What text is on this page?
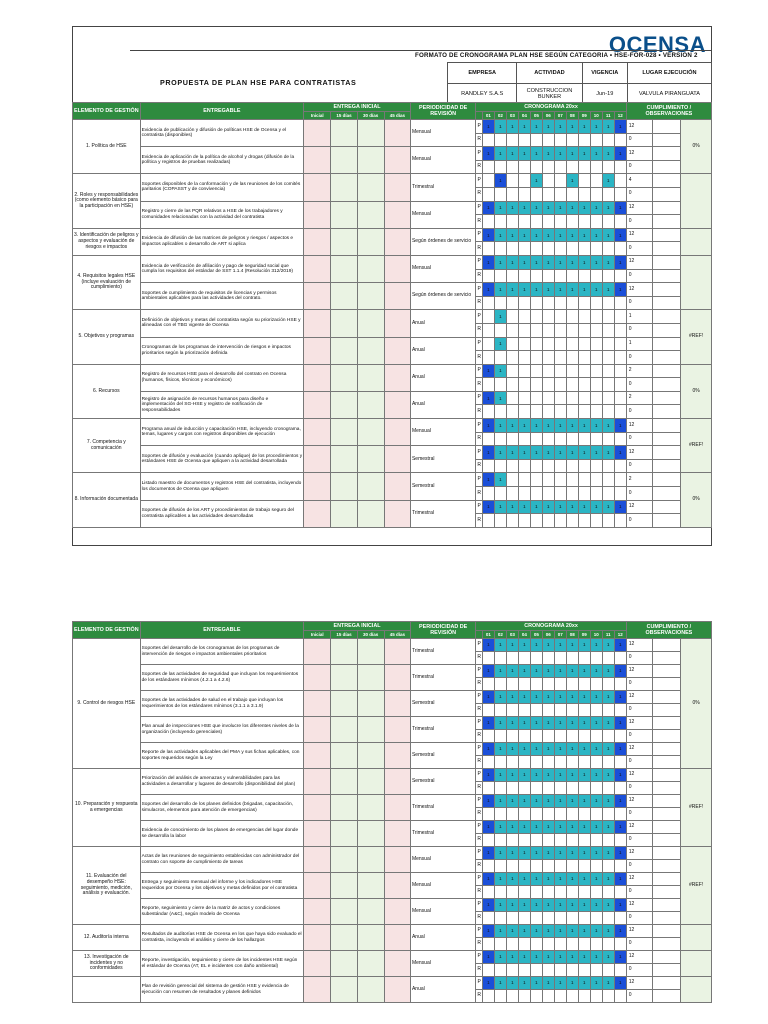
OCENSA
FORMATO DE CRONOGRAMA PLAN HSE SEGÚN CATEGORIA • HSE-FOR-028 • VERSION 2
PROPUESTA DE PLAN HSE PARA CONTRATISTAS
EMPRESA	ACTIVIDAD	VIGENCIA	LUGAR EJECUCIÓN
RANDLEY S.A.S	CONSTRUCCION BUNKER	Jun-19	VALVULA PIRANGUATA
ELEMENTO DE GESTIÓN	ENTREGABLE	ENTREGA INICIAL				PERIODICIDAD DE REVISIÓN	CRONOGRAMA 20xx													CUMPLIMIENTO / OBSERVACIONES		
		Inicial	15 días	30 días	45 días			01	02	03	04	05	06	07	08	09	10	11	12			
1. Política de HSE	Evidencia de publicación y difusión de políticas HSE de Ocensa y el contratista (disponibles)					Mensual	P	1	1	1	1	1	1	1	1	1	1	1	1	12		0%
							R													0		
	Evidencia de aplicación de la política de alcohol y drogas (difusión de la política y registros de pruebas realizadas)					Mensual	P	1	1	1	1	1	1	1	1	1	1	1	1	12		
							R													0		
2. Roles y responsabilidades (como elemento básico para la participación en HSE)	Soportes disponibles de la conformación y de las reuniones de los comités paritarios (COPASST y de convivencia)					Trimestral	P		1			1			1			1		4		
							R													0		
	Registro y cierre de las PQR relativos a HSE de los trabajadores y comunidades relacionadas con la actividad del contratista					Mensual	P	1	1	1	1	1	1	1	1	1	1	1	1	12		
							R													0		
3. Identificación de peligros y aspectos y evaluación de riesgos e impactos	Evidencia de difusión de las matrices de peligros y riesgos / aspectos e impactos aplicables o desarrollo de ART si aplica					Según órdenes de servicio	P	1	1	1	1	1	1	1	1	1	1	1	1	12		
							R													0		
4. Requisitos legales HSE (incluye evaluación de cumplimiento)	Evidencia de verificación de afiliación y pago de seguridad social que cumpla los requisitos del estándar de SST 1.1.4 (Resolución 312/2019)					Mensual	P	1	1	1	1	1	1	1	1	1	1	1	1	12		
							R													0		
	Soportes de cumplimiento de requisitos de licencias y permisos ambientales aplicables para las actividades del contrato.					Según órdenes de servicio	P	1	1	1	1	1	1	1	1	1	1	1	1	12		
							R													0		
5. Objetivos y programas	Definición de objetivos y metas del contratista según su priorización HSE y alineadas con el TBG vigente de Ocensa					Anual	P		1											1		#REF!
							R													0		
	Cronogramas de los programas de intervención de riesgos e impactos prioritarios según la priorización definida					Anual	P		1											1		
							R													0		
6. Recursos	Registro de recursos HSE para el desarrollo del contrato en Ocensa (humanos, físicos, técnicos y económicos)					Anual	P	1	1											2		0%
							R													0		
	Registro de asignación de recursos humanos para diseño e implementación del SG-HSE y registro de notificación de responsabilidades					Anual	P	1	1											2		
							R													0		
7. Competencia y comunicación	Programa anual de inducción y capacitación HSE, incluyendo cronograma, temas, lugares y cargos con registros disponibles de ejecución					Mensual	P	1	1	1	1	1	1	1	1	1	1	1	1	12		#REF!
							R													0		
	Soportes de difusión y evaluación (cuando aplique) de los procedimientos y estándares HSE de Ocensa que apliquen a la actividad desarrollada					Semestral	P	1	1	1	1	1	1	1	1	1	1	1	1	12		
							R													0		
8. Información documentada	Listado maestro de documentos y registros HSE del contratista, incluyendo los documentos de Ocensa que apliquen					Semestral	P	1	1											2		0%
							R													0		
	Soportes de difusión de los ART y procedimientos de trabajo seguro del contratista aplicables a las actividades desarrolladas					Trimestral	P	1	1	1	1	1	1	1	1	1	1	1	1	12		
							R													0		
ELEMENTO DE GESTIÓN	ENTREGABLE	ENTREGA INICIAL				PERIODICIDAD DE REVISIÓN	CRONOGRAMA 20xx													CUMPLIMIENTO / OBSERVACIONES		
		Inicial	15 días	30 días	45 días			01	02	03	04	05	06	07	08	09	10	11	12			
9. Control de riesgos HSE	Soportes del desarrollo de los cronogramas de los programas de intervención de riesgos e impactos ambientales prioritarios					Trimestral	P	1	1	1	1	1	1	1	1	1	1	1	1	12		0%
							R													0		
	Soportes de las actividades de seguridad que incluyan los requerimientos de los estándares mínimos (4.2.1 a 4.2.6)					Trimestral	P	1	1	1	1	1	1	1	1	1	1	1	1	12		
							R													0		
	Soportes de las actividades de salud en el trabajo que incluyan los requerimientos de los estándares mínimos (3.1.1 a 3.1.9)					Semestral	P	1	1	1	1	1	1	1	1	1	1	1	1	12		
							R													0		
	Plan anual de inspecciones HSE que involucre los diferentes niveles de la organización (incluyendo gerenciales)					Trimestral	P	1	1	1	1	1	1	1	1	1	1	1	1	12		
							R													0		
	Reporte de las actividades aplicables del PMA y sus fichas aplicables, con soportes requeridos según la Ley					Semestral	P	1	1	1	1	1	1	1	1	1	1	1	1	12		
							R													0		
10. Preparación y respuesta a emergencias	Priorización del análisis de amenazas y vulnerabilidades para las actividades a desarrollar y lugares de desarrollo (disponibilidad del plan)					Semestral	P	1	1	1	1	1	1	1	1	1	1	1	1	12		#REF!
							R													0		
	Soportes del desarrollo de los planes definidos (brigadas, capacitación, simulacros, elementos para atención de emergencias)					Trimestral	P	1	1	1	1	1	1	1	1	1	1	1	1	12		
							R													0		
	Evidencia de conocimiento de los planes de emergencias del lugar donde se desarrolla la labor					Trimestral	P	1	1	1	1	1	1	1	1	1	1	1	1	12		
							R													0		
11. Evaluación del desempeño HSE: seguimiento, medición, análisis y evaluación.	Actas de las reuniones de seguimiento establecidas con administrador del contrato con soporte de cumplimiento de tareas					Mensual	P	1	1	1	1	1	1	1	1	1	1	1	1	12		#REF!
							R													0		
	Entrega y seguimiento mensual del informe y los indicadores HSE requeridos por Ocensa y los objetivos y metas definidos por el contratista					Mensual	P	1	1	1	1	1	1	1	1	1	1	1	1	12		
							R													0		
	Reporte, seguimiento y cierre de la matriz de actos y condiciones subestándar (A&C), según modelo de Ocensa					Mensual	P	1	1	1	1	1	1	1	1	1	1	1	1	12		
							R													0		
12. Auditoría interna	Resultados de auditorías HSE de Ocensa en los que haya sido evaluado el contratista, incluyendo el análisis y cierre de los hallazgos					Anual	P	1	1	1	1	1	1	1	1	1	1	1	1	12		
							R													0		
13. Investigación de incidentes y no conformidades	Reporte, investigación, seguimiento y cierre de los incidentes HSE según el estándar de Ocensa (AT, EL e incidentes con daño ambiental)					Mensual	P	1	1	1	1	1	1	1	1	1	1	1	1	12		
							R													0		
	Plan de revisión gerencial del sistema de gestión HSE y evidencia de ejecución con resumen de resultados y planes definidos					Anual	P	1	1	1	1	1	1	1	1	1	1	1	1	12		
							R													0		
